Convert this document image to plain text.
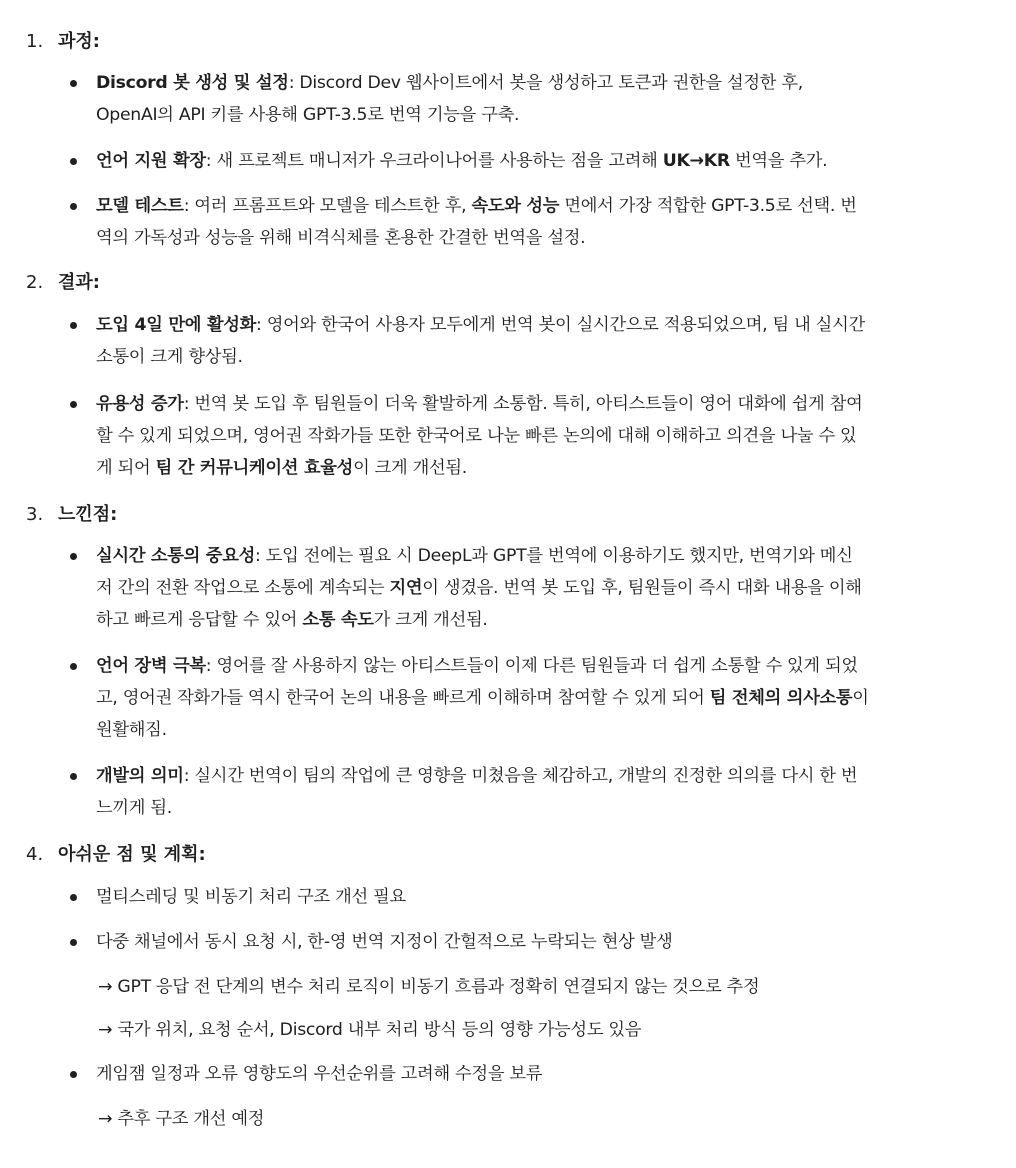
1. 과정:
Discord 봇 생성 및 설정: Discord Dev 웹사이트에서 봇을 생성하고 토큰과 권한을 설정한 후,
OpenAI의 API 키를 사용해 GPT-3.5로 번역 기능을 구축.
언어 지원 확장: 새 프로젝트 매니저가 우크라이나어를 사용하는 점을 고려해 UK→KR 번역을 추가.
모델 테스트: 여러 프롬프트와 모델을 테스트한 후, 속도와 성능 면에서 가장 적합한 GPT-3.5로 선택. 번
역의 가독성과 성능을 위해 비격식체를 혼용한 간결한 번역을 설정.
2. 결과:
도입 4일 만에 활성화: 영어와 한국어 사용자 모두에게 번역 봇이 실시간으로 적용되었으며, 팀 내 실시간
소통이 크게 향상됨.
유용성 증가: 번역 봇 도입 후 팀원들이 더욱 활발하게 소통함. 특히, 아티스트들이 영어 대화에 쉽게 참여
할 수 있게 되었으며, 영어권 작화가들 또한 한국어로 나눈 빠른 논의에 대해 이해하고 의견을 나눌 수 있
게 되어 팀 간 커뮤니케이션 효율성이 크게 개선됨.
3. 느낀점:
실시간 소통의 중요성: 도입 전에는 필요 시 DeepL과 GPT를 번역에 이용하기도 했지만, 번역기와 메신
저 간의 전환 작업으로 소통에 계속되는 지연이 생겼음. 번역 봇 도입 후, 팀원들이 즉시 대화 내용을 이해
하고 빠르게 응답할 수 있어 소통 속도가 크게 개선됨.
언어 장벽 극복: 영어를 잘 사용하지 않는 아티스트들이 이제 다른 팀원들과 더 쉽게 소통할 수 있게 되었
고, 영어권 작화가들 역시 한국어 논의 내용을 빠르게 이해하며 참여할 수 있게 되어 팀 전체의 의사소통이
원활해짐.
개발의 의미: 실시간 번역이 팀의 작업에 큰 영향을 미쳤음을 체감하고, 개발의 진정한 의의를 다시 한 번
느끼게 됨.
4. 아쉬운 점 및 계획:
멀티스레딩 및 비동기 처리 구조 개선 필요
다중 채널에서 동시 요청 시, 한-영 번역 지정이 간헐적으로 누락되는 현상 발생
→ GPT 응답 전 단계의 변수 처리 로직이 비동기 흐름과 정확히 연결되지 않는 것으로 추정
→ 국가 위치, 요청 순서, Discord 내부 처리 방식 등의 영향 가능성도 있음
게임잼 일정과 오류 영향도의 우선순위를 고려해 수정을 보류
→ 추후 구조 개선 예정
